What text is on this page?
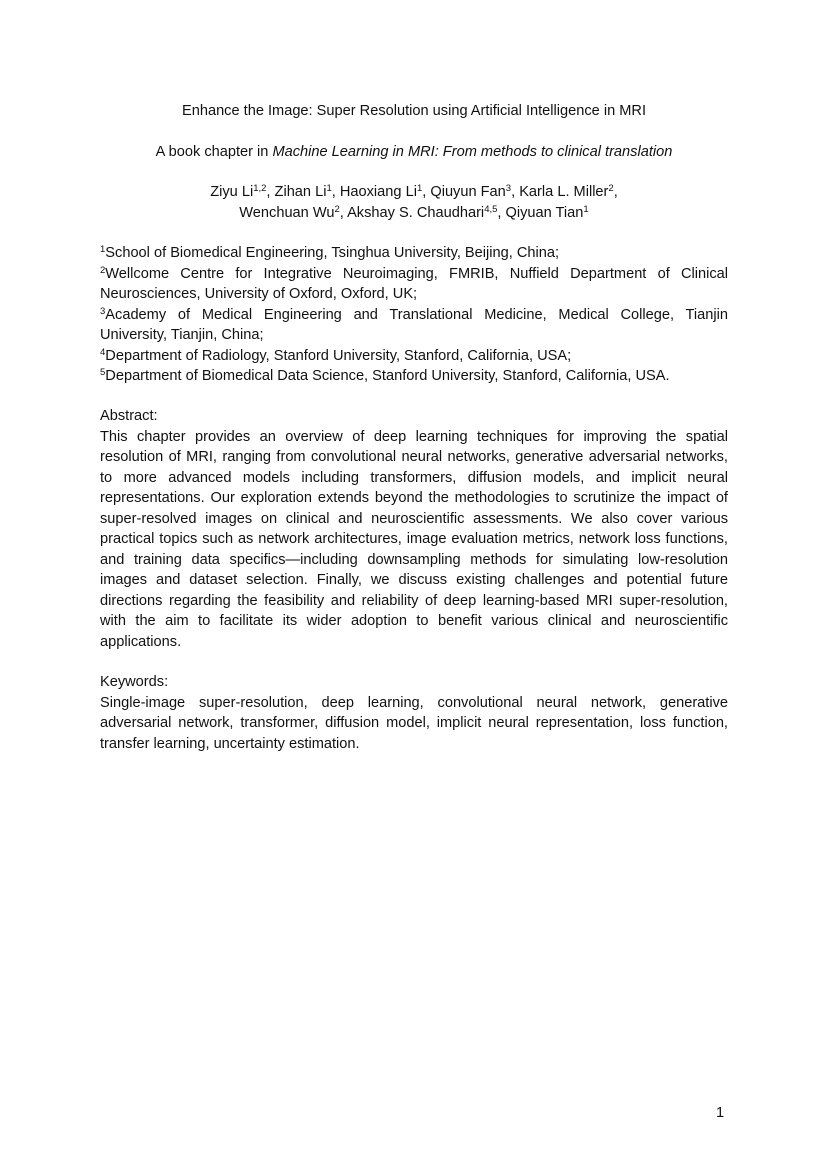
Enhance the Image: Super Resolution using Artificial Intelligence in MRI
A book chapter in Machine Learning in MRI: From methods to clinical translation
Ziyu Li$^{1,2}$, Zihan Li$^1$, Haoxiang Li$^1$, Qiuyun Fan$^3$, Karla L. Miller$^2$,
Wenchuan Wu$^2$, Akshay S. Chaudhari$^{4,5}$, Qiyuan Tian$^1$

$^1$School of Biomedical Engineering, Tsinghua University, Beijing, China;

$^2$Wellcome Centre for Integrative Neuroimaging, FMRIB, Nuffield Department of Clinical Neurosciences, University of Oxford, Oxford, UK;

$^3$Academy of Medical Engineering and Translational Medicine, Medical College, Tianjin University, Tianjin, China;

$^4$Department of Radiology, Stanford University, Stanford, California, USA;

$^5$Department of Biomedical Data Science, Stanford University, Stanford, California, USA.

Abstract:

This chapter provides an overview of deep learning techniques for improving the spatial resolution of MRI, ranging from convolutional neural networks, generative adversarial networks, to more advanced models including transformers, diffusion models, and implicit neural representations. Our exploration extends beyond the methodologies to scrutinize the impact of super-resolved images on clinical and neuroscientific assessments. We also cover various practical topics such as network architectures, image evaluation metrics, network loss functions, and training data specifics—including downsampling methods for simulating low-resolution images and dataset selection. Finally, we discuss existing challenges and potential future directions regarding the feasibility and reliability of deep learning-based MRI super-resolution, with the aim to facilitate its wider adoption to benefit various clinical and neuroscientific applications.

Keywords:

Single-image super-resolution, deep learning, convolutional neural network, generative adversarial network, transformer, diffusion model, implicit neural representation, loss function, transfer learning, uncertainty estimation.

1
